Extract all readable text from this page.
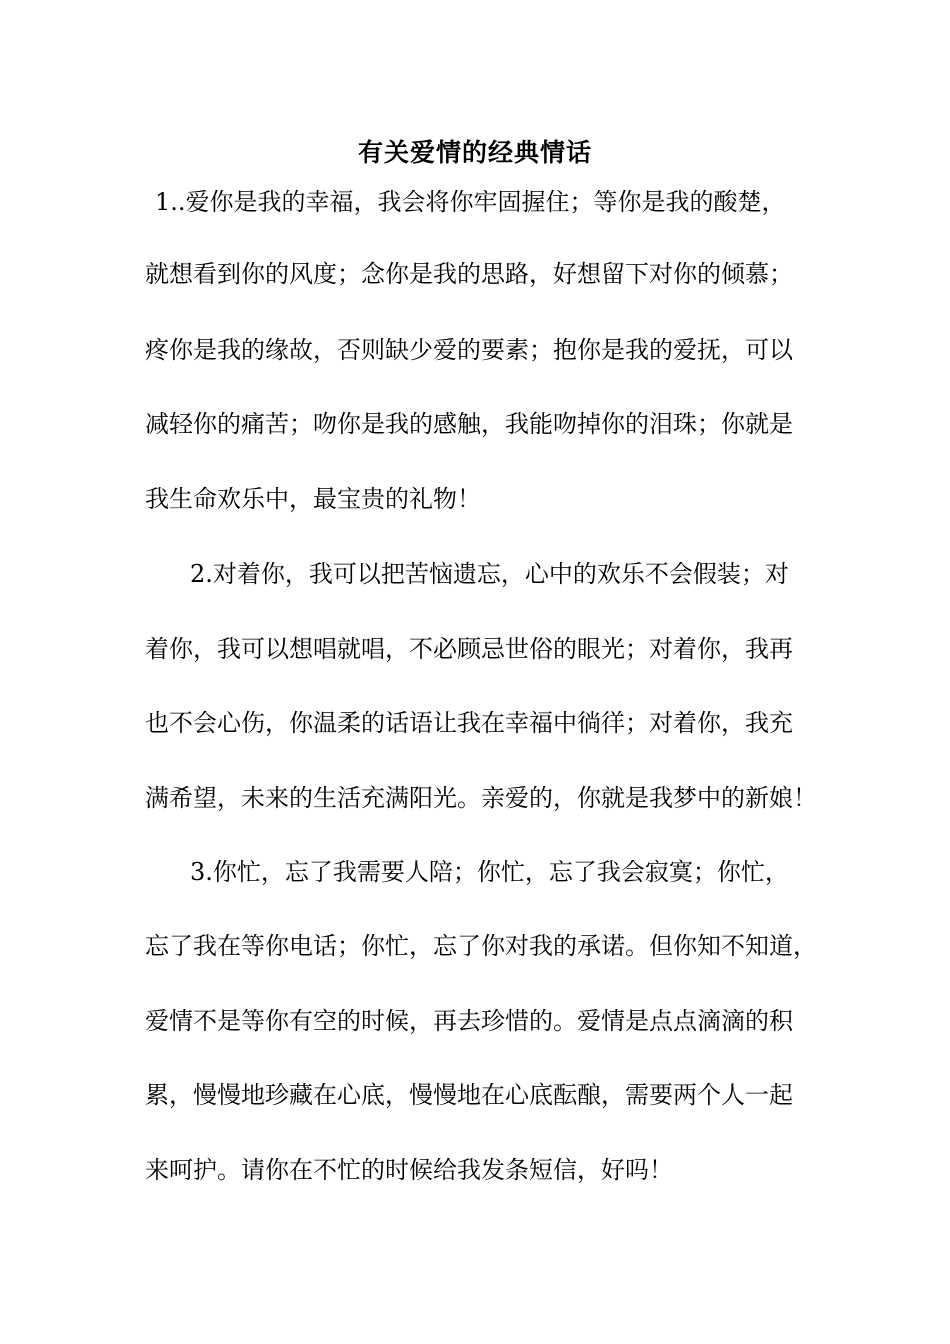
有关爱情的经典情话
1..爱你是我的幸福，我会将你牢固握住；等你是我的酸楚，
就想看到你的风度；念你是我的思路，好想留下对你的倾慕；
疼你是我的缘故，否则缺少爱的要素；抱你是我的爱抚，可以
减轻你的痛苦；吻你是我的感触，我能吻掉你的泪珠；你就是
我生命欢乐中，最宝贵的礼物！
2.对着你，我可以把苦恼遗忘，心中的欢乐不会假装；对
着你，我可以想唱就唱，不必顾忌世俗的眼光；对着你，我再
也不会心伤，你温柔的话语让我在幸福中徜徉；对着你，我充
满希望，未来的生活充满阳光。亲爱的，你就是我梦中的新娘！
3.你忙，忘了我需要人陪；你忙，忘了我会寂寞；你忙，
忘了我在等你电话；你忙，忘了你对我的承诺。但你知不知道，
爱情不是等你有空的时候，再去珍惜的。爱情是点点滴滴的积
累，慢慢地珍藏在心底，慢慢地在心底酝酿，需要两个人一起
来呵护。请你在不忙的时候给我发条短信，好吗！
